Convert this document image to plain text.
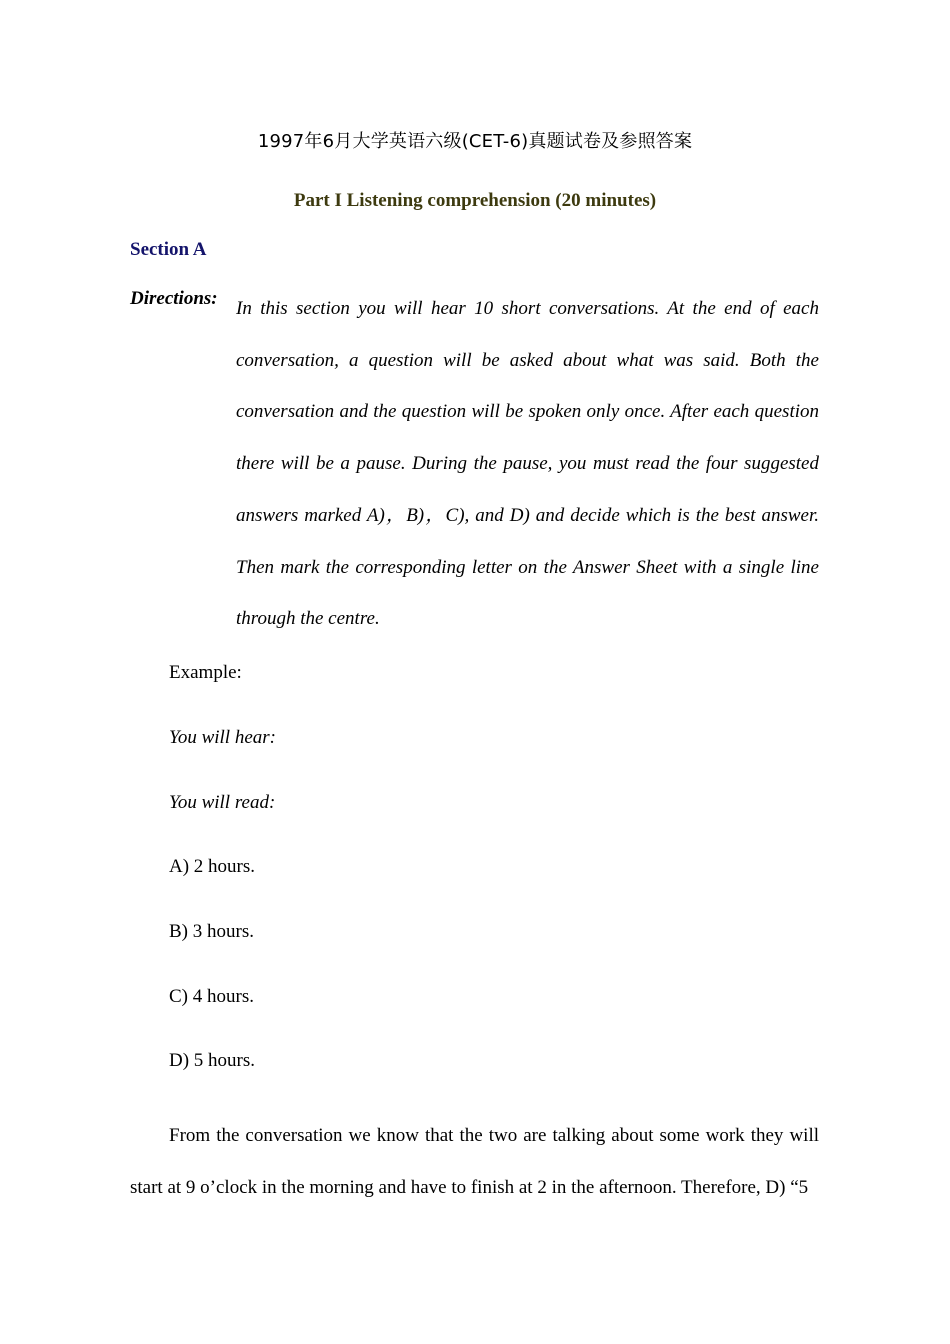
1997年6月大学英语六级(CET-6)真题试卷及参照答案
Part I Listening comprehension (20 minutes)
Section A
Directions: In this section you will hear 10 short conversations. At the end of each conversation, a question will be asked about what was said. Both the conversation and the question will be spoken only once. After each question there will be a pause. During the pause, you must read the four suggested answers marked A)，B)，C), and D) and decide which is the best answer. Then mark the corresponding letter on the Answer Sheet with a single line through the centre.
Example:
You will hear:
You will read:
A) 2 hours.
B) 3 hours.
C) 4 hours.
D) 5 hours.
From the conversation we know that the two are talking about some work they will start at 9 o’clock in the morning and have to finish at 2 in the afternoon. Therefore, D) “5
